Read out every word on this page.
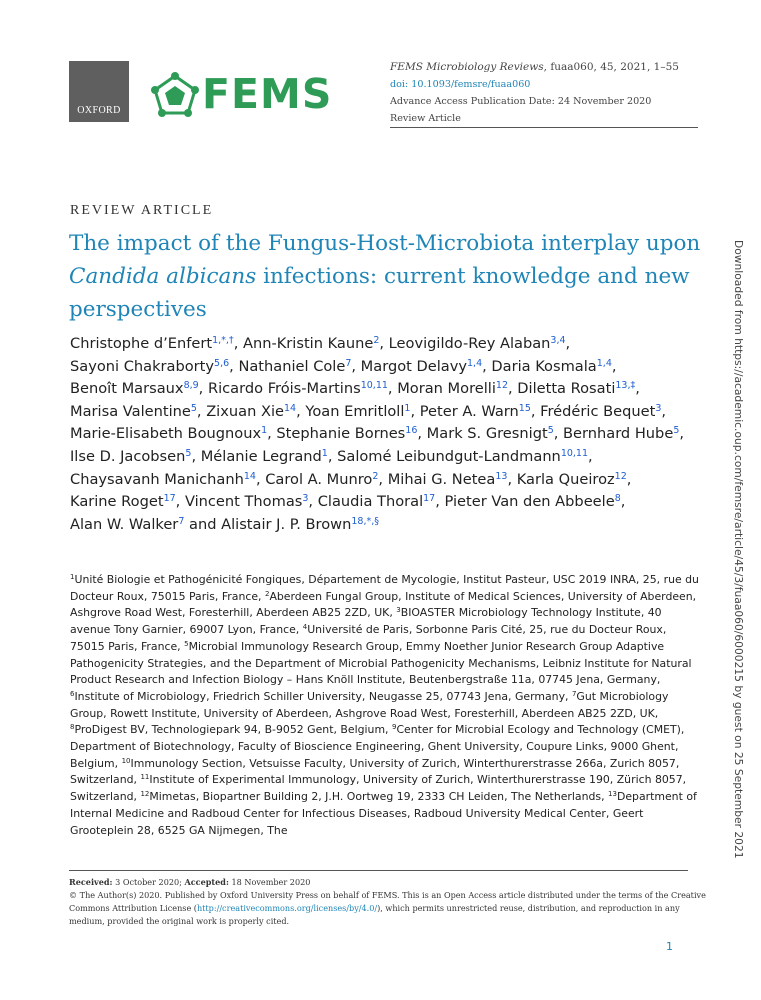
OXFORD FEMS
FEMS Microbiology Reviews, fuaa060, 45, 2021, 1–55
doi: 10.1093/femsre/fuaa060
Advance Access Publication Date: 24 November 2020
Review Article
Downloaded from https://academic.oup.com/femsre/article/45/3/fuaa060/6000215 by guest on 25 September 2021
REVIEW ARTICLE
The impact of the Fungus-Host-Microbiota interplay upon Candida albicans infections: current knowledge and new perspectives
Christophe d’Enfert$^{1,*,\dagger}$, Ann-Kristin Kaune$^2$, Leovigildo-Rey Alaban$^{3,4}$, Sayoni Chakraborty$^{5,6}$, Nathaniel Cole$^7$, Margot Delavy$^{1,4}$, Daria Kosmala$^{1,4}$, Benoît Marsaux$^{8,9}$, Ricardo Fróis-Martins$^{10,11}$, Moran Morelli$^{12}$, Diletta Rosati$^{13,\ddagger}$, Marisa Valentine$^5$, Zixuan Xie$^{14}$, Yoan Emritloll$^1$, Peter A. Warn$^{15}$, Frédéric Bequet$^3$, Marie-Elisabeth Bougnoux$^1$, Stephanie Bornes$^{16}$, Mark S. Gresnigt$^5$, Bernhard Hube$^5$, Ilse D. Jacobsen$^5$, Mélanie Legrand$^1$, Salomé Leibundgut-Landmann$^{10,11}$, Chaysavanh Manichanh$^{14}$, Carol A. Munro$^2$, Mihai G. Netea$^{13}$, Karla Queiroz$^{12}$, Karine Roget$^{17}$, Vincent Thomas$^3$, Claudia Thoral$^{17}$, Pieter Van den Abbeele$^8$, Alan W. Walker$^7$ and Alistair J. P. Brown$^{18,*,\S}$
$^1$Unité Biologie et Pathogénicité Fongiques, Département de Mycologie, Institut Pasteur, USC 2019 INRA, 25, rue du Docteur Roux, 75015 Paris, France, $^2$Aberdeen Fungal Group, Institute of Medical Sciences, University of Aberdeen, Ashgrove Road West, Foresterhill, Aberdeen AB25 2ZD, UK, $^3$BIOASTER Microbiology Technology Institute, 40 avenue Tony Garnier, 69007 Lyon, France, $^4$Université de Paris, Sorbonne Paris Cité, 25, rue du Docteur Roux, 75015 Paris, France, $^5$Microbial Immunology Research Group, Emmy Noether Junior Research Group Adaptive Pathogenicity Strategies, and the Department of Microbial Pathogenicity Mechanisms, Leibniz Institute for Natural Product Research and Infection Biology – Hans Knöll Institute, Beutenbergstraße 11a, 07745 Jena, Germany, $^6$Institute of Microbiology, Friedrich Schiller University, Neugasse 25, 07743 Jena, Germany, $^7$Gut Microbiology Group, Rowett Institute, University of Aberdeen, Ashgrove Road West, Foresterhill, Aberdeen AB25 2ZD, UK, $^8$ProDigest BV, Technologiepark 94, B-9052 Gent, Belgium, $^9$Center for Microbial Ecology and Technology (CMET), Department of Biotechnology, Faculty of Bioscience Engineering, Ghent University, Coupure Links, 9000 Ghent, Belgium, $^{10}$Immunology Section, Vetsuisse Faculty, University of Zurich, Winterthurerstrasse 266a, Zurich 8057, Switzerland, $^{11}$Institute of Experimental Immunology, University of Zurich, Winterthurerstrasse 190, Zürich 8057, Switzerland, $^{12}$Mimetas, Biopartner Building 2, J.H. Oortweg 19, 2333 CH Leiden, The Netherlands, $^{13}$Department of Internal Medicine and Radboud Center for Infectious Diseases, Radboud University Medical Center, Geert Grooteplein 28, 6525 GA Nijmegen, The
Received: 3 October 2020; Accepted: 18 November 2020
© The Author(s) 2020. Published by Oxford University Press on behalf of FEMS. This is an Open Access article distributed under the terms of the Creative Commons Attribution License (http://creativecommons.org/licenses/by/4.0/), which permits unrestricted reuse, distribution, and reproduction in any medium, provided the original work is properly cited.
1
